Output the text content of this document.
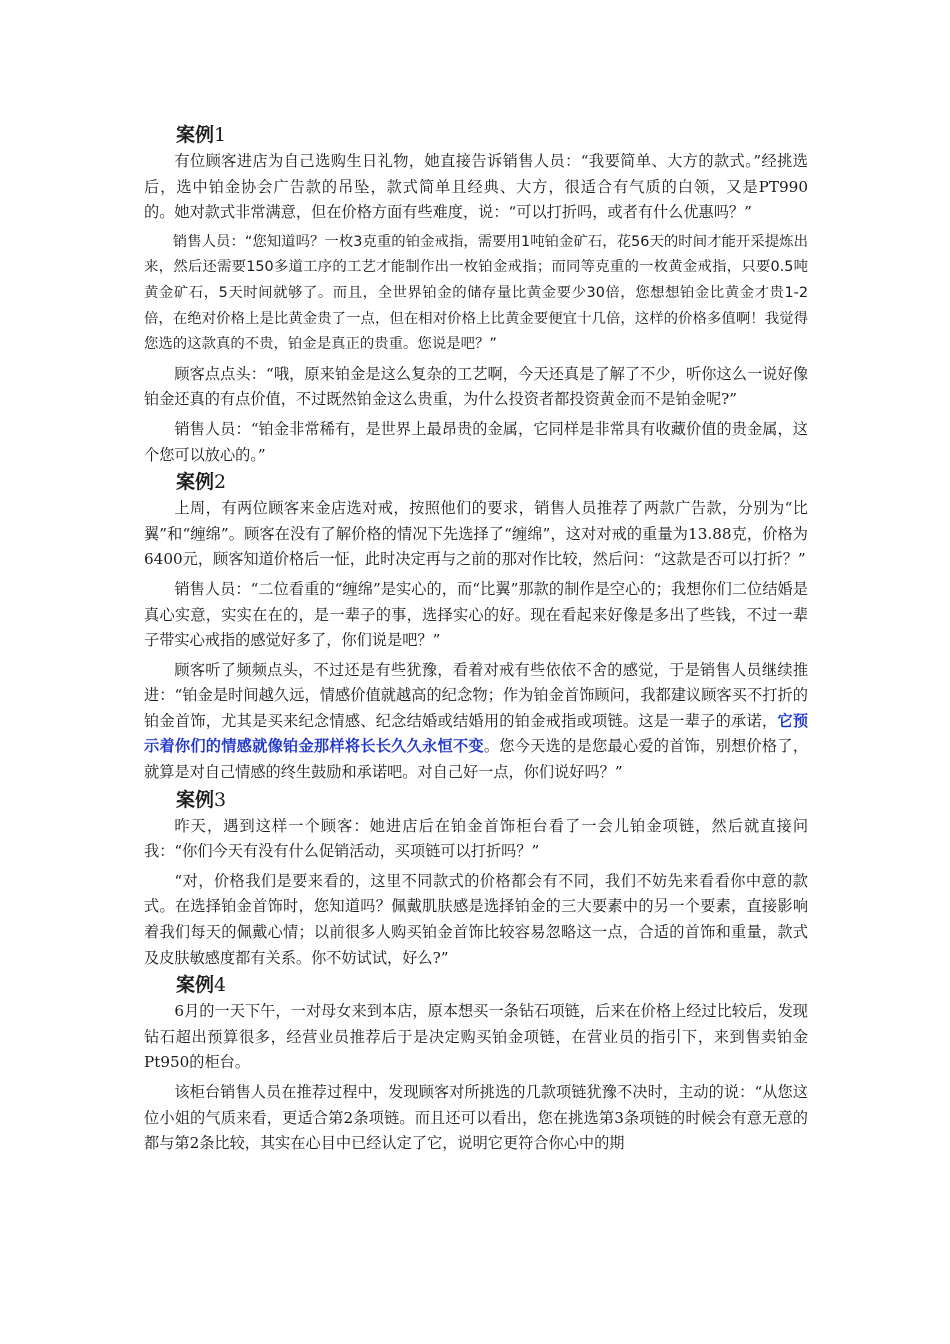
案例1

有位顾客进店为自己选购生日礼物，她直接告诉销售人员：“我要简单、大方的款式。”经挑选后，选中铂金协会广告款的吊坠，款式简单且经典、大方，很适合有气质的白领，又是PT990　的。她对款式非常满意，但在价格方面有些难度，说：“可以打折吗，或者有什么优惠吗？”

销售人员：“您知道吗？一枚3克重的铂金戒指，需要用1吨铂金矿石，花56天的时间才能开采提炼出来，然后还需要150多道工序的工艺才能制作出一枚铂金戒指；而同等克重的一枚黄金戒指，只要0.5吨黄金矿石，5天时间就够了。而且，全世界铂金的储存量比黄金要少30倍，您想想铂金比黄金才贵1-2倍，在绝对价格上是比黄金贵了一点，但在相对价格上比黄金要便宜十几倍，这样的价格多值啊！我觉得您选的这款真的不贵，铂金是真正的贵重。您说是吧？”

顾客点点头：“哦，原来铂金是这么复杂的工艺啊，今天还真是了解了不少，听你这么一说好像铂金还真的有点价值，不过既然铂金这么贵重，为什么投资者都投资黄金而不是铂金呢?”

销售人员：“铂金非常稀有，是世界上最昂贵的金属，它同样是非常具有收藏价值的贵金属，这个您可以放心的。”

案例2

上周，有两位顾客来金店选对戒，按照他们的要求，销售人员推荐了两款广告款，分别为“比翼”和“缠绵”。顾客在没有了解价格的情况下先选择了“缠绵”，这对对戒的重量为13.88克，价格为6400元，顾客知道价格后一怔，此时决定再与之前的那对作比较，然后问：“这款是否可以打折？”

销售人员：“二位看重的“缠绵”是实心的，而“比翼”那款的制作是空心的；我想你们二位结婚是真心实意，实实在在的，是一辈子的事，选择实心的好。现在看起来好像是多出了些钱，不过一辈子带实心戒指的感觉好多了，你们说是吧？”

顾客听了频频点头，不过还是有些犹豫，看着对戒有些依依不舍的感觉，于是销售人员继续推进：“铂金是时间越久远，情感价值就越高的纪念物；作为铂金首饰顾问，我都建议顾客买不打折的铂金首饰，尤其是买来纪念情感、纪念结婚或结婚用的铂金戒指或项链。这是一辈子的承诺，它预示着你们的情感就像铂金那样将长长久久永恒不变。您今天选的是您最心爱的首饰，别想价格了，就算是对自己情感的终生鼓励和承诺吧。对自己好一点，你们说好吗？”

案例3

昨天，遇到这样一个顾客：她进店后在铂金首饰柜台看了一会儿铂金项链，然后就直接问我：“你们今天有没有什么促销活动，买项链可以打折吗？”

“对，价格我们是要来看的，这里不同款式的价格都会有不同，我们不妨先来看看你中意的款式。在选择铂金首饰时，您知道吗？佩戴肌肤感是选择铂金的三大要素中的另一个要素，直接影响着我们每天的佩戴心情；以前很多人购买铂金首饰比较容易忽略这一点，合适的首饰和重量，款式及皮肤敏感度都有关系。你不妨试试，好么?”

案例4

6月的一天下午，一对母女来到本店，原本想买一条钻石项链，后来在价格上经过比较后，发现钻石超出预算很多，经营业员推荐后于是决定购买铂金项链，在营业员的指引下，来到售卖铂金Pt950的柜台。

该柜台销售人员在推荐过程中，发现顾客对所挑选的几款项链犹豫不决时，主动的说：“从您这位小姐的气质来看，更适合第2条项链。而且还可以看出，您在挑选第3条项链的时候会有意无意的都与第2条比较，其实在心目中已经认定了它，说明它更符合你心中的期
